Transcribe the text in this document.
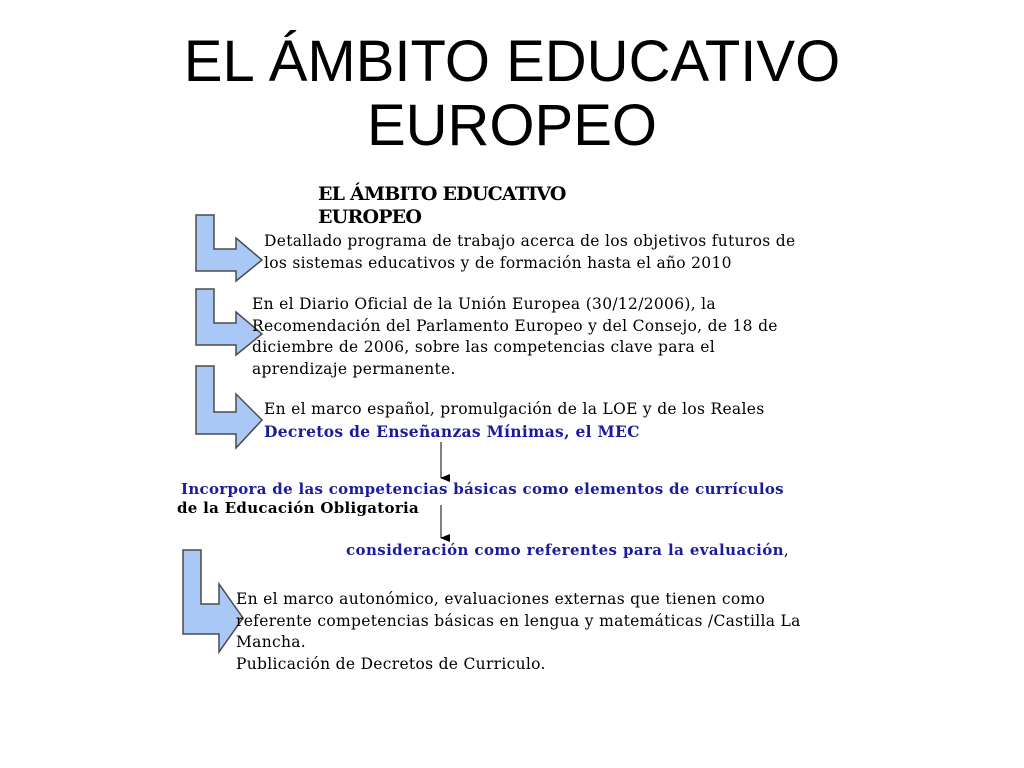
EL ÁMBITO EDUCATIVO
EUROPEO
EL ÁMBITO EDUCATIVO
EUROPEO
Detallado programa de trabajo acerca de los objetivos futuros de
los sistemas educativos y de formación hasta el año 2010
En el Diario Oficial de la Unión Europea (30/12/2006), la
Recomendación del Parlamento Europeo y del Consejo, de 18 de
diciembre de 2006, sobre las competencias clave para el
aprendizaje permanente.
En el marco español, promulgación de la LOE y de los Reales
Decretos de Enseñanzas Mínimas, el MEC
Incorpora de las competencias básicas como elementos de currículos
de la Educación Obligatoria
consideración como referentes para la evaluación,
En el marco autonómico, evaluaciones externas que tienen como
referente competencias básicas en lengua y matemáticas /Castilla La
Mancha.
Publicación de Decretos de Curriculo.
